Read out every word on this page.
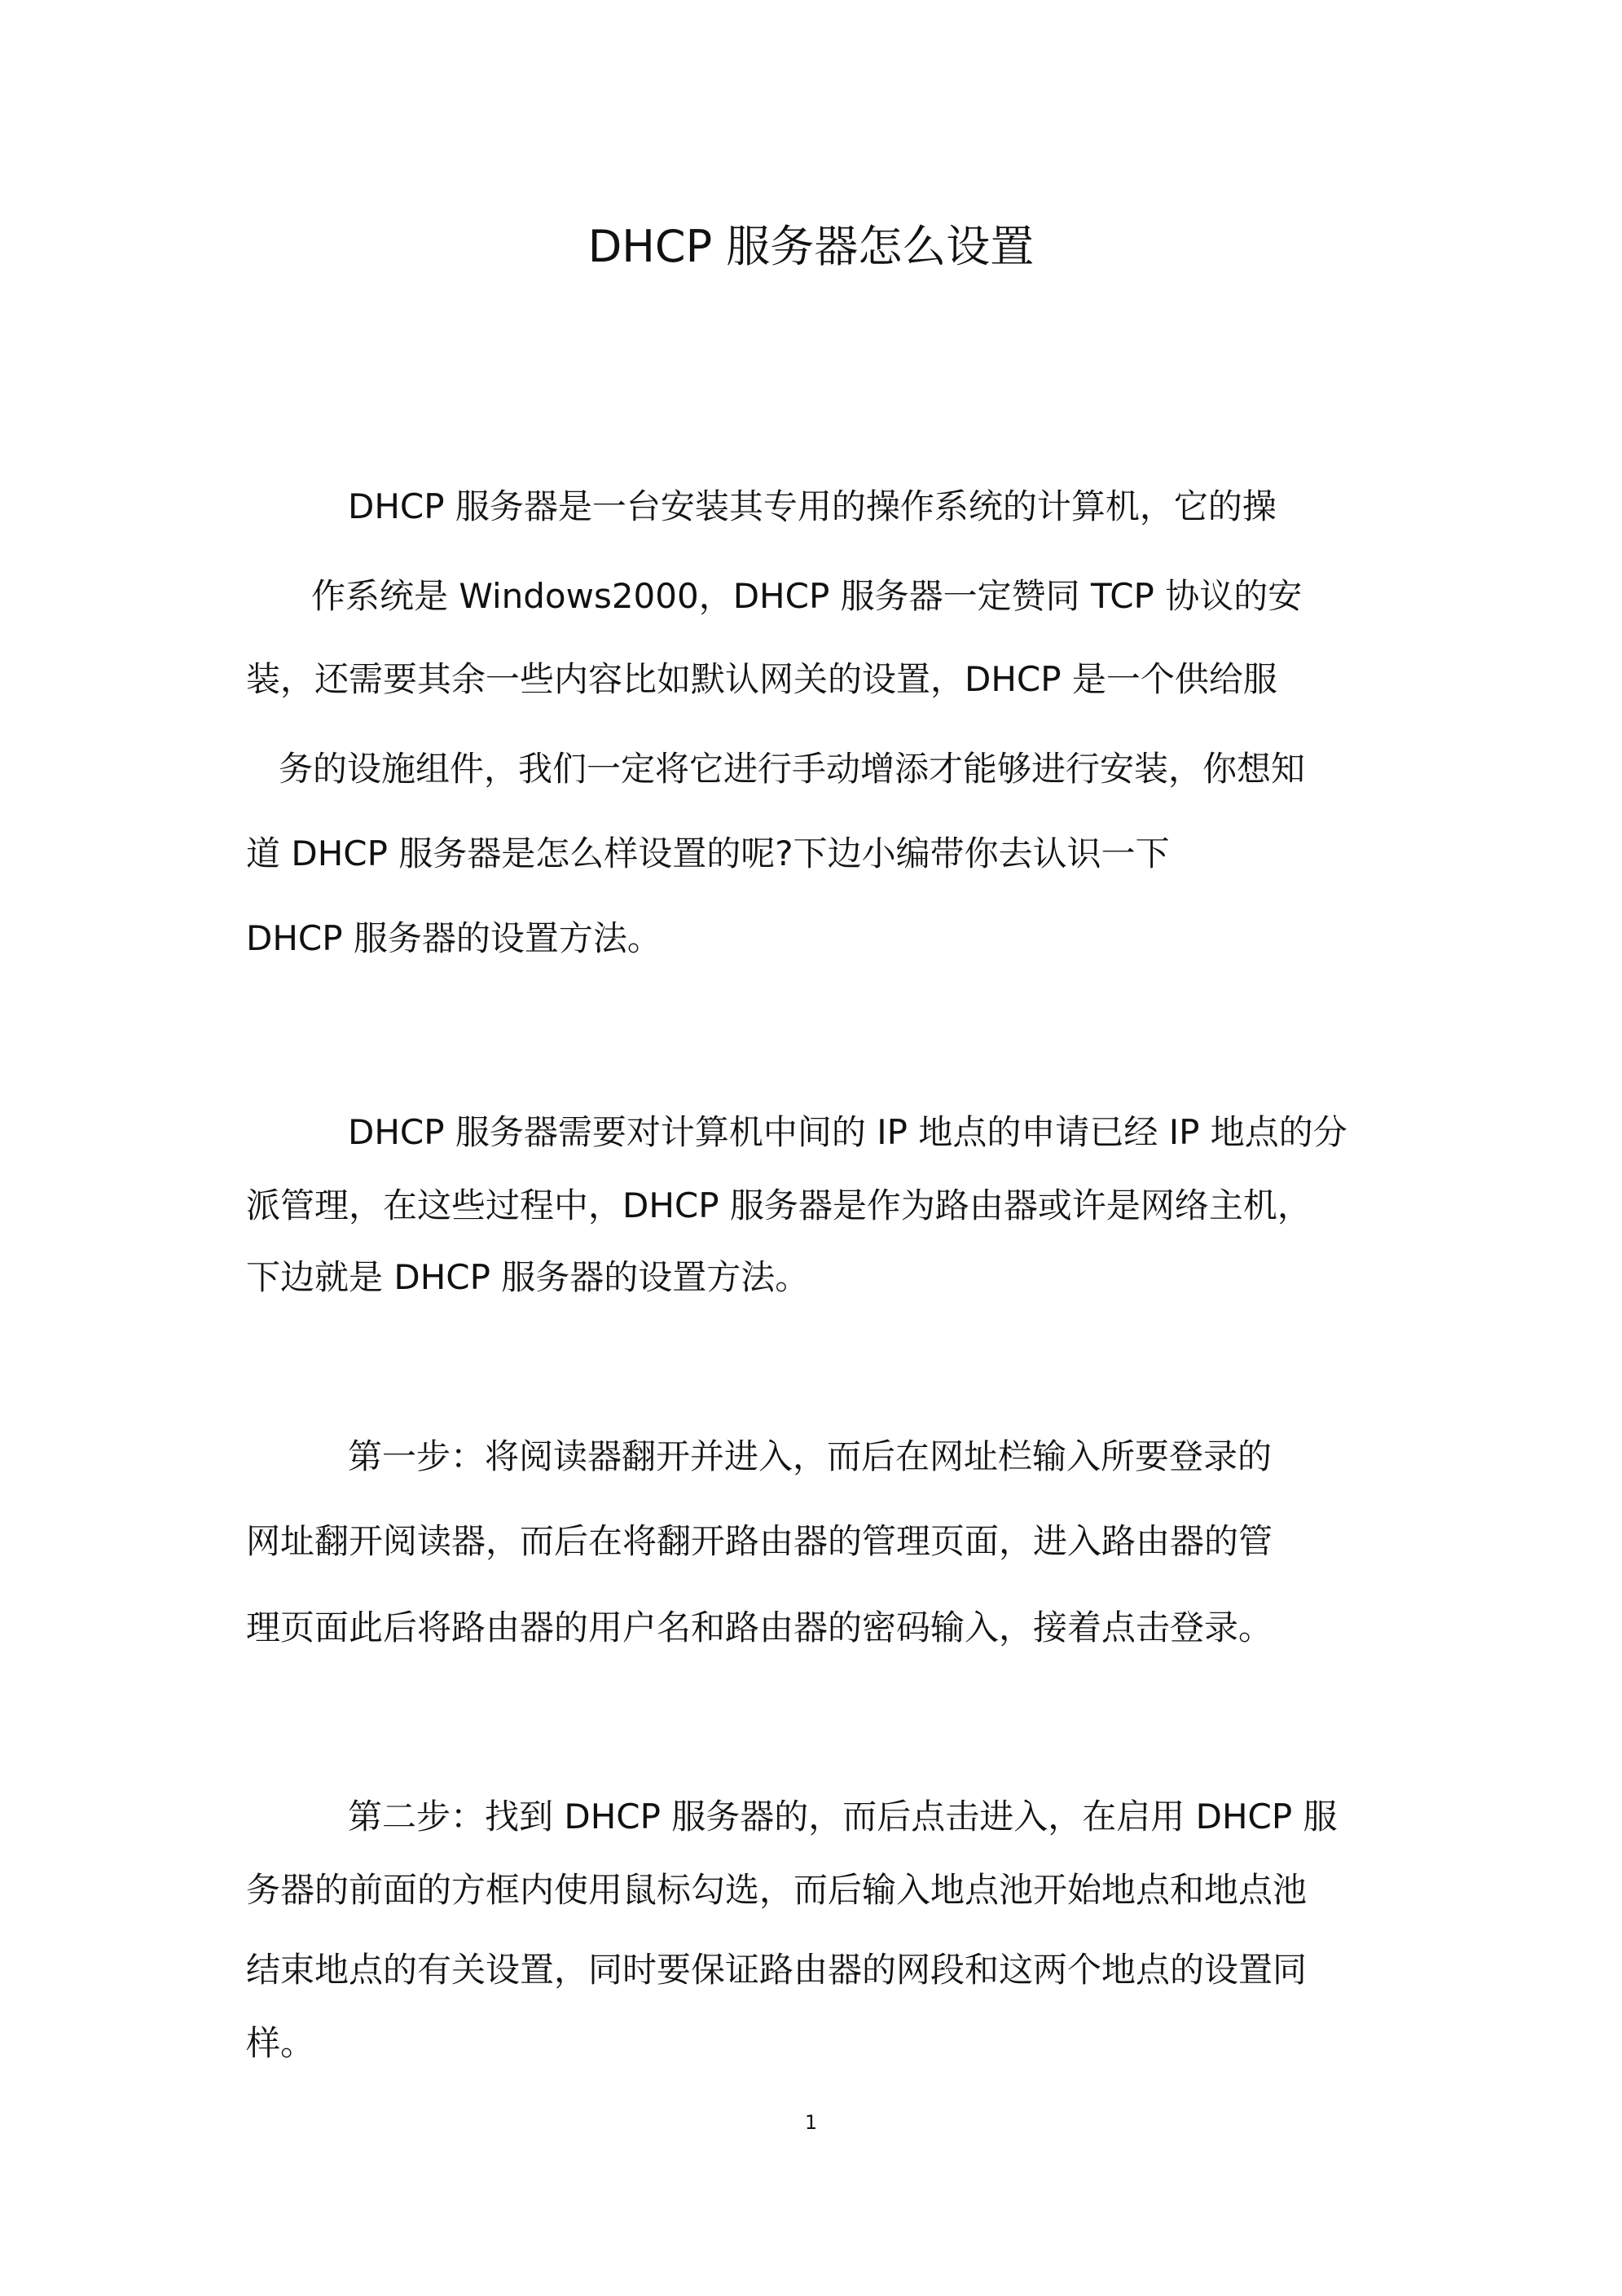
DHCP 服务器怎么设置
DHCP 服务器是一台安装其专用的操作系统的计算机，它的操
作系统是 Windows2000，DHCP 服务器一定赞同 TCP 协议的安
装，还需要其余一些内容比如默认网关的设置，DHCP 是一个供给服
务的设施组件，我们一定将它进行手动增添才能够进行安装，你想知
道 DHCP 服务器是怎么样设置的呢?下边小编带你去认识一下
DHCP 服务器的设置方法。
DHCP 服务器需要对计算机中间的 IP 地点的申请已经 IP 地点的分
派管理，在这些过程中，DHCP 服务器是作为路由器或许是网络主机，
下边就是 DHCP 服务器的设置方法。
第一步：将阅读器翻开并进入，而后在网址栏输入所要登录的
网址翻开阅读器，而后在将翻开路由器的管理页面，进入路由器的管
理页面此后将路由器的用户名和路由器的密码输入，接着点击登录。
第二步：找到 DHCP 服务器的，而后点击进入，在启用 DHCP 服
务器的前面的方框内使用鼠标勾选，而后输入地点池开始地点和地点池
结束地点的有关设置，同时要保证路由器的网段和这两个地点的设置同
样。
1
